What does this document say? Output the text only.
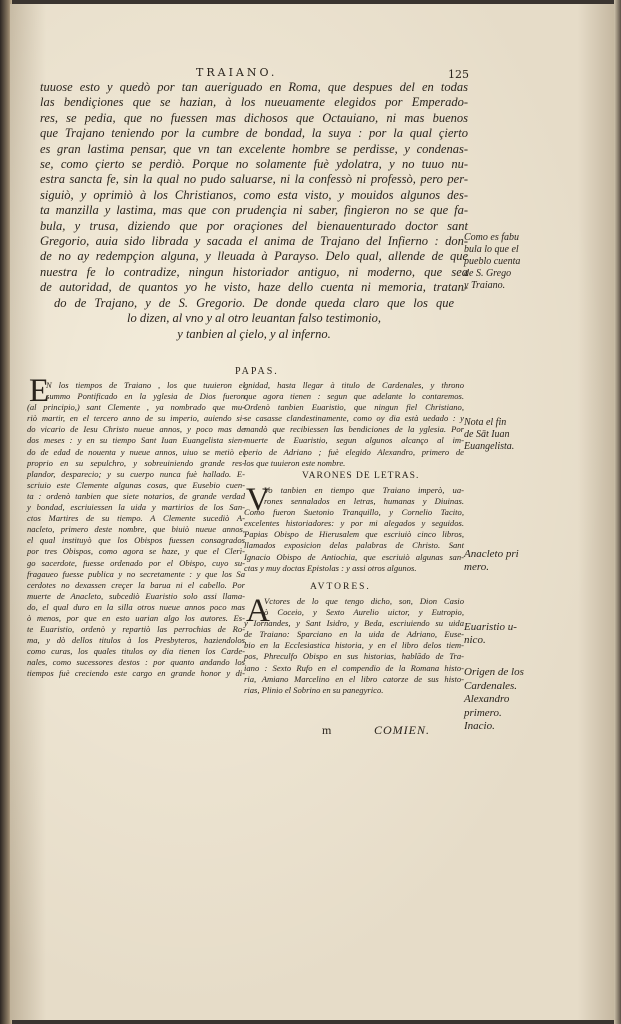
TRAIANO.	125
tuuose esto y quedò por tan aueriguado en Roma, que despues del en todas
las bendiçiones que se hazian, à los nueuamente elegidos por Emperado-
res, se pedia, que no fuessen mas dichosos que Octauiano, ni mas buenos
que Trajano teniendo por la cumbre de bondad, la suya : por la qual çierto
es gran lastima pensar, que vn tan excelente hombre se perdisse, y condenas-
se, como çierto se perdiò. Porque no solamente fuè ydolatra, y no tuuo nu-
estra sancta fe, sin la qual no pudo saluarse, ni la confessò ni professò, pero per-
siguiò, y oprimiò à los Christianos, como esta visto, y mouidos algunos des-
ta manzilla y lastima, mas que con prudençia ni saber, fingieron no se que fa-
bula, y trusa, diziendo que por oraçiones del bienauenturado doctor sant
Gregorio, auia sido librada y sacada el anima de Trajano del Infierno : don-
de no ay redempçion alguna, y lleuada à Parayso. Delo qual, allende de que
nuestra fe lo contradize, ningun historiador antiguo, ni moderno, que sea
de autoridad, de quantos yo he visto, haze dello cuenta ni memoria, tratan-
do de Trajano, y de S. Gregorio. De donde queda claro que los que
lo dizen, al vno y al otro leuantan falso testimonio,
y tanbien al çielo, y al inferno.
Como es fabu
bula lo que el
pueblo cuenta
de S. Grego
y Traiano.
PAPAS.
E
N los tiempos de Traiano , los que tuuieron el
summo Pontificado en la yglesia de Dios fueron
(al principio,) sant Clemente , ya nombrado que mu-
riò martir, en el tercero anno de su imperio, auiendo si-
do vicario de Iesu Christo nueue annos, y poco mas de
dos meses : y en su tiempo Sant Iuan Euangelista sien-
do de edad de nouenta y nueue annos, uiuo se metiò el
proprio en su sepulchro, y sobreuiniendo grande res-
plandor, desparecio; y su cuerpo nunca fuè hallado. E-
scriuio este Clemente algunas cosas, que Eusebio cuen-
ta : ordenò tanbien que siete notarios, de grande verdad
y bondad, escriuiessen la uida y martirios de los San-
ctos Martires de su tiempo. A Clemente sucediò A-
nacleto, primero deste nombre, que biuiò nueue annos,
el qual instituyò que los Obispos fuessen consagrados
por tres Obispos, como agora se haze, y que el Clerì-
go sacerdote, fuesse ordenado por el Obispo, cuyo su-
fragaueo fuesse publica y no secretamente : y que los Sa
cerdotes no dexassen creçer la barua ni el cabello. Por
muerte de Anacleto, subcediò Euaristio solo assi llama-
do, el qual duro en la silla otros nueue annos poco mas
ò menos, por que en esto uarian algo los autores. Es-
te Euaristio, ordenò y repartiò las perrochias de Ro-
ma, y dò dellos titulos à los Presbyteros, haziendolos
como curas, los quales titulos oy dia tienen los Carde-
nales, como sucessores destos : por quanto andando los
tiempos fuè creciendo este cargo en grande honor y di-
gnidad, hasta llegar à titulo de Cardenales, y throno
que agora tienen : segun que adelante lo contaremos.
Ordenò tanbien Euaristio, que ningun fiel Christiano,
se casasse clandestinamente, como oy dia està uedado : y
mandò que recibiessen las bendiciones de la yglesia. Por
muerte de Euaristio, segun algunos alcanço al im-
perio de Adriano ; fuè elegido Alexandro, primero de
los que tuuieron este nombre.
VARONES DE LETRAS.
V
Vo tanbien en tiempo que Traiano imperò, ua-
rones sennalados en letras, humanas y Diuinas.
Como fueron Suetonio Tranquillo, y Cornelio Tacito,
excelentes historiadores: y por mi alegados y seguidos.
Papias Obispo de Hierusalem que escriuiò cinco libros,
llamados exposicion delas palabras de Christo. Sant
Ignacio Obispo de Antiochia, que escriuiò algunas san-
ctas y muy doctas Epistolas : y assi otros algunos.
AVTORES.
A
Vctores de lo que tengo dicho, son, Dion Casio
ò Coceio, y Sexto Aurelio uictor, y Eutropio,
y Iornandes, y Sant Isidro, y Beda, escriuiendo su uida
de Traiano: Sparciano en la uida de Adriano, Euse-
bio en la Ecclesiastica historia, y en el libro delos tiem-
pos, Phreculfo Obispo en sus historias, hablādo de Tra-
iano : Sexto Rufo en el compendio de la Romana histo-
ria, Amiano Marcelino en el libro catorze de sus histo-
rias, Plinio el Sobrino en su panegyrico.
Nota el fin
de Sāt Iuan
Euangelista.
Anacleto pri
mero.
Euaristio u-
nico.
Origen de los
Cardenales.
Alexandro
primero.
Inacio.
m	COMIEN.
